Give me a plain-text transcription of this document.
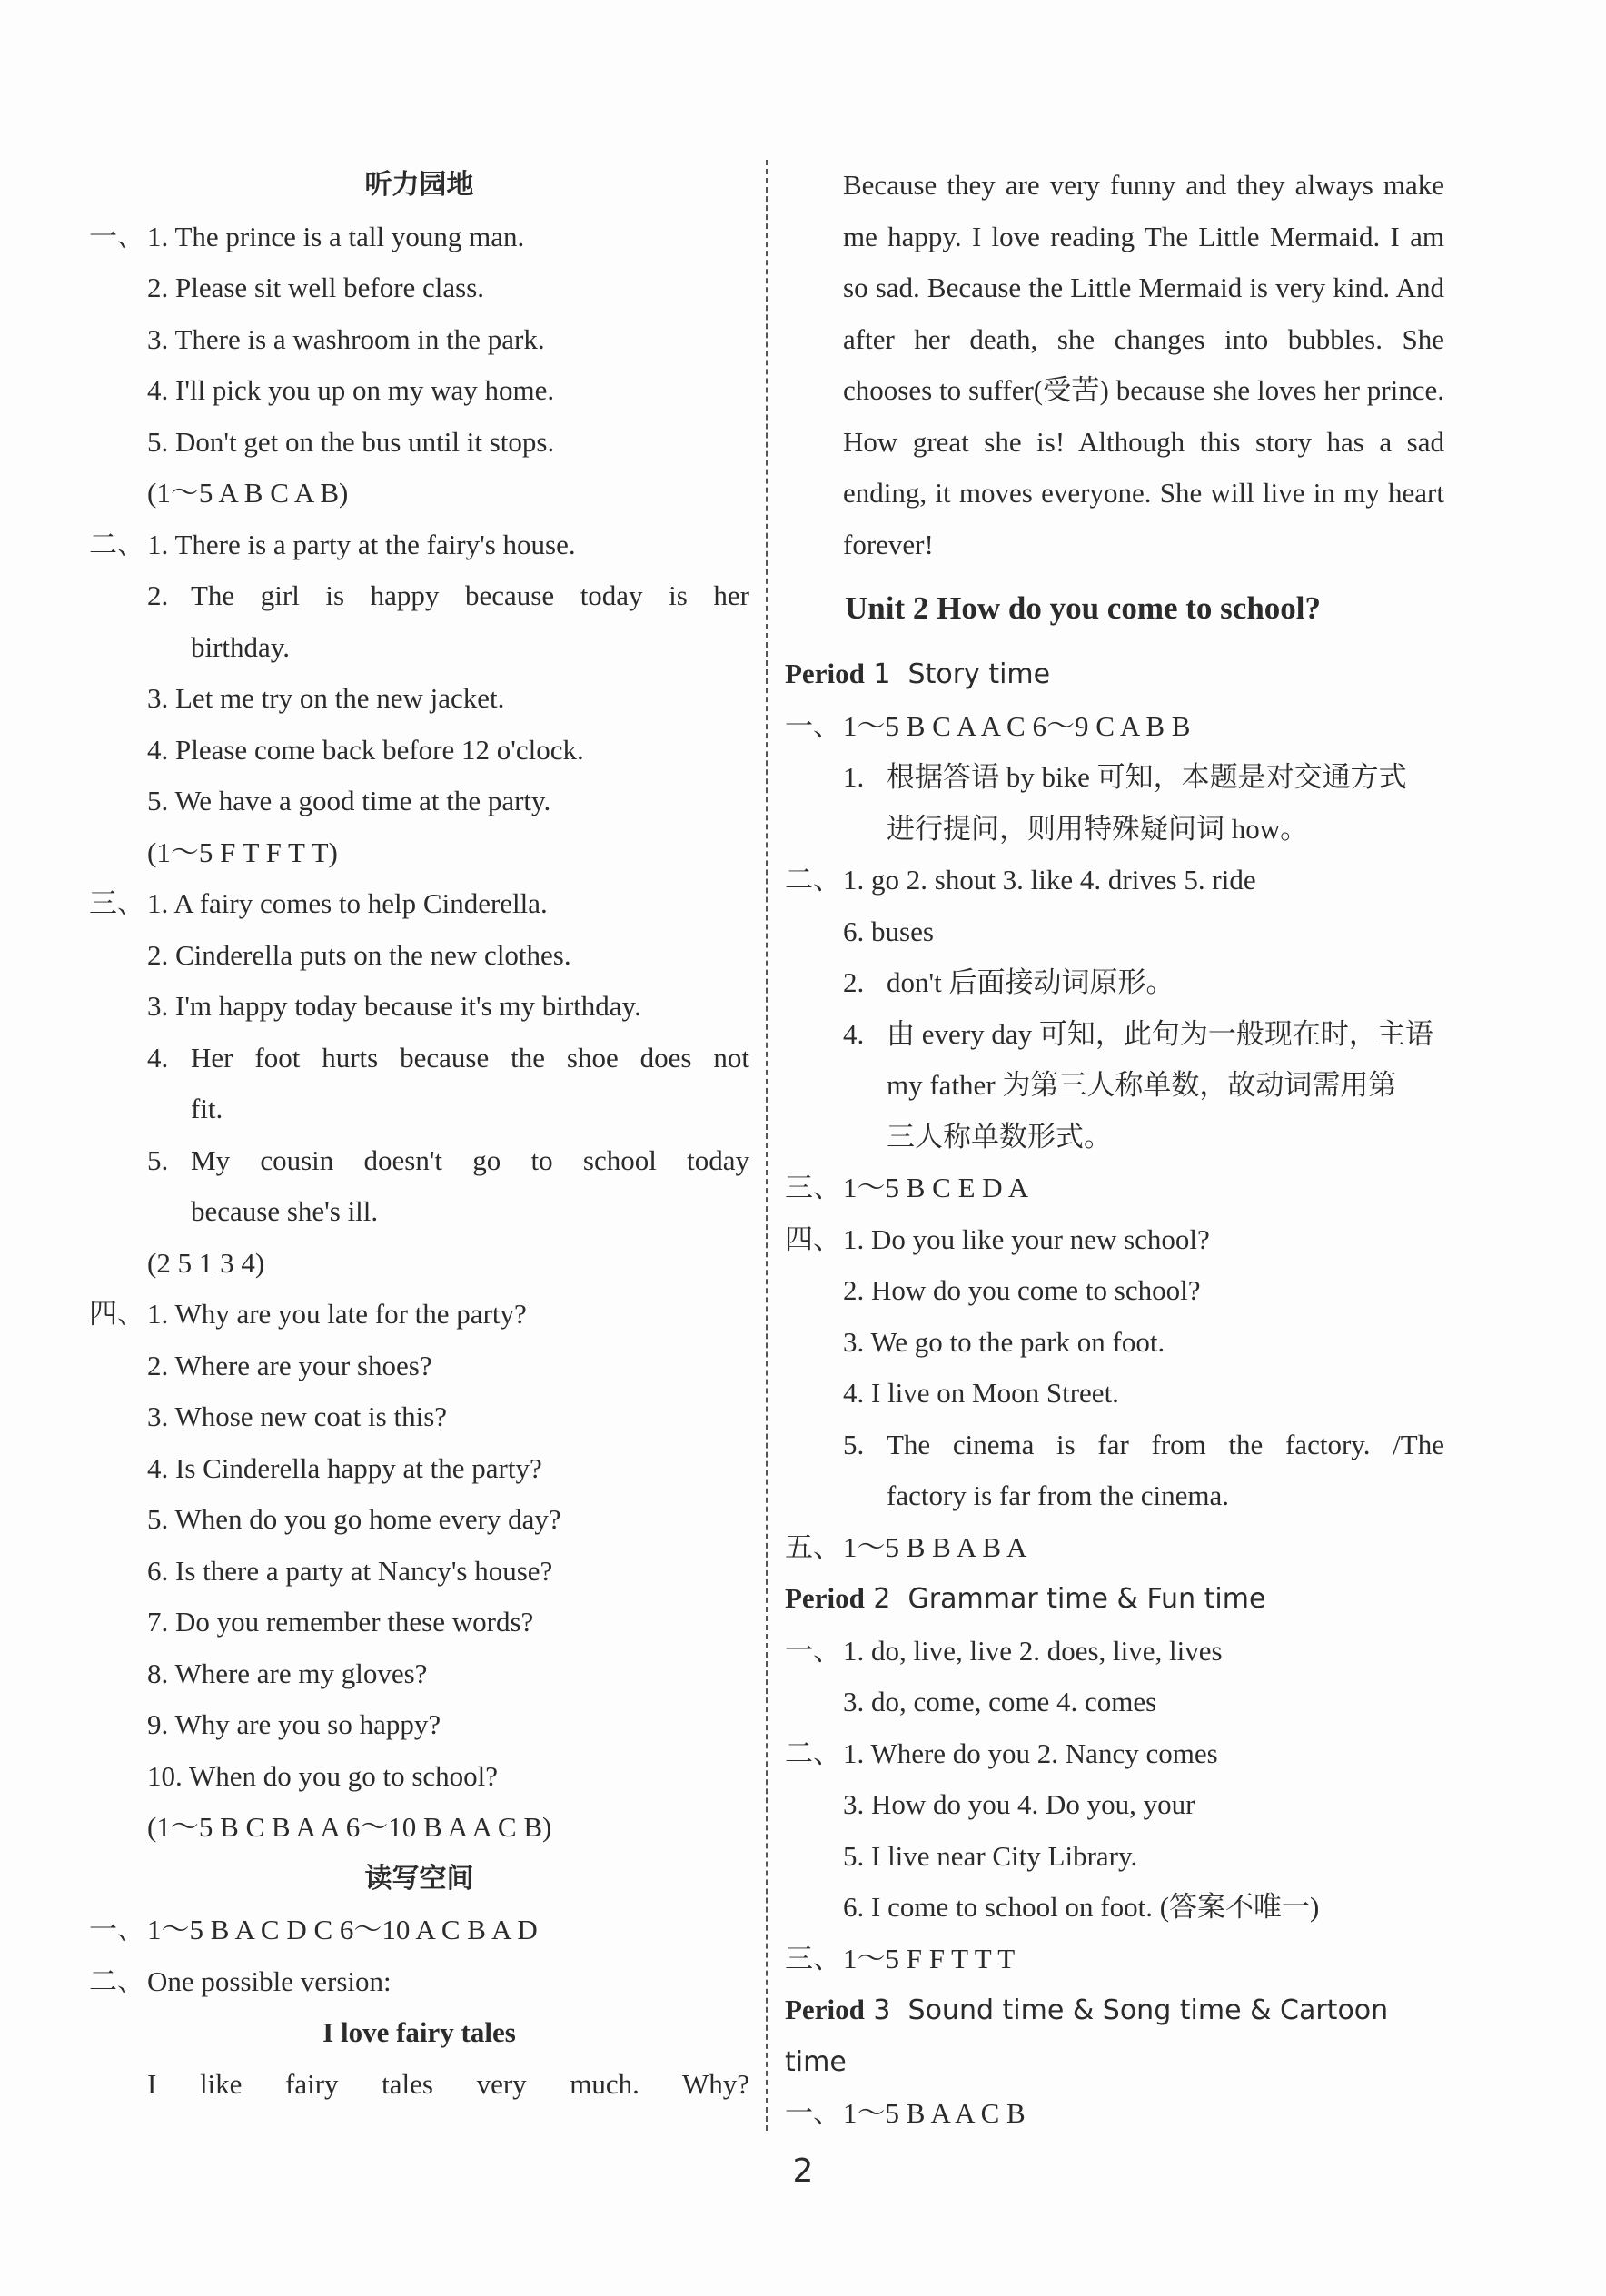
听力园地
一、1. The prince is a tall young man.
2. Please sit well before class.
3. There is a washroom in the park.
4. I'll pick you up on my way home.
5. Don't get on the bus until it stops.
(1～5 A B C A B)
二、1. There is a party at the fairy's house.
2. The girl is happy because today is her
birthday.
3. Let me try on the new jacket.
4. Please come back before 12 o'clock.
5. We have a good time at the party.
(1～5 F T F T T)
三、1. A fairy comes to help Cinderella.
2. Cinderella puts on the new clothes.
3. I'm happy today because it's my birthday.
4. Her foot hurts because the shoe does not
fit.
5. My cousin doesn't go to school today
because she's ill.
(2 5 1 3 4)
四、1. Why are you late for the party?
2. Where are your shoes?
3. Whose new coat is this?
4. Is Cinderella happy at the party?
5. When do you go home every day?
6. Is there a party at Nancy's house?
7. Do you remember these words?
8. Where are my gloves?
9. Why are you so happy?
10. When do you go to school?
(1～5 B C B A A 6～10 B A A C B)
读写空间
一、1～5 B A C D C 6～10 A C B A D
二、One possible version:
I love fairy tales
I like fairy tales very much. Why?
Because they are very funny and they always make me happy. I love reading The Little Mermaid. I am so sad. Because the Little Mermaid is very kind. And after her death, she changes into bubbles. She chooses to suffer(受苦) because she loves her prince. How great she is! Although this story has a sad ending, it moves everyone. She will live in my heart forever!
Unit 2 How do you come to school?
Period 1 Story time
一、1～5 B C A A C 6～9 C A B B
1. 根据答语 by bike 可知，本题是对交通方式
进行提问，则用特殊疑问词 how。
二、1. go 2. shout 3. like 4. drives 5. ride
6. buses
2. don't 后面接动词原形。
4. 由 every day 可知，此句为一般现在时，主语
my father 为第三人称单数，故动词需用第
三人称单数形式。
三、1～5 B C E D A
四、1. Do you like your new school?
2. How do you come to school?
3. We go to the park on foot.
4. I live on Moon Street.
5. The cinema is far from the factory. /The
factory is far from the cinema.
五、1～5 B B A B A
Period 2 Grammar time & Fun time
一、1. do, live, live 2. does, live, lives
3. do, come, come 4. comes
二、1. Where do you 2. Nancy comes
3. How do you 4. Do you, your
5. I live near City Library.
6. I come to school on foot. (答案不唯一)
三、1～5 F F T T T
Period 3 Sound time & Song time & Cartoon time
一、1～5 B A A C B
2
